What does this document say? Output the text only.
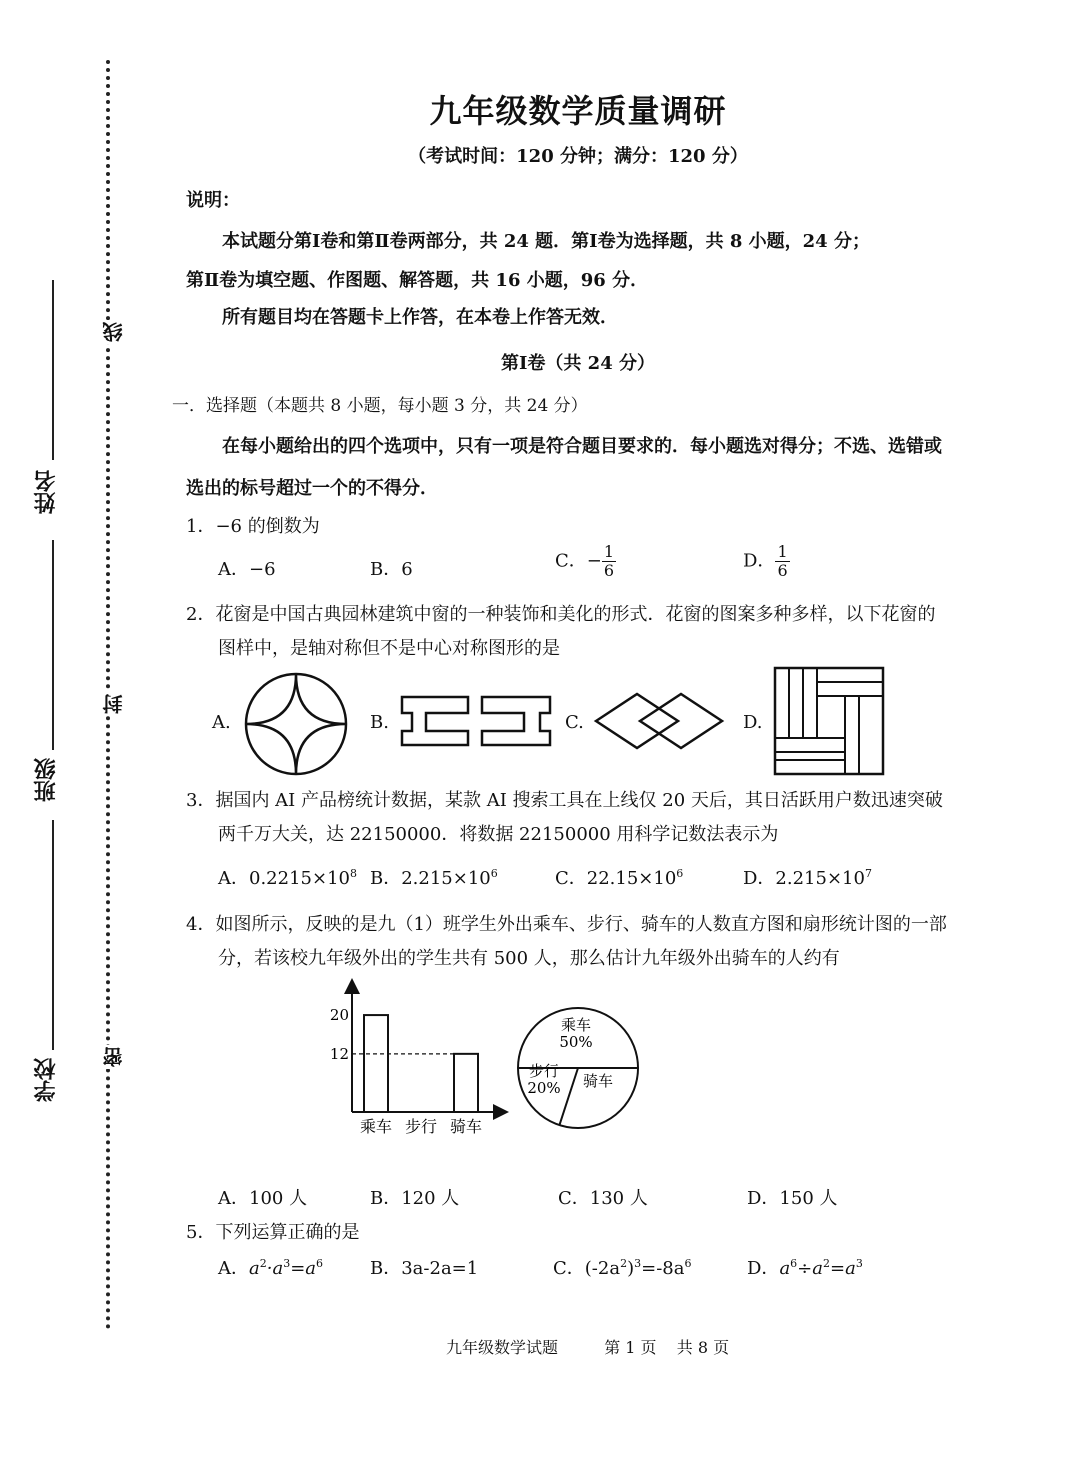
姓名
班级
学校
线
封
密
九年级数学质量调研
（考试时间：120 分钟；满分：120 分）
说明：
本试题分第Ⅰ卷和第Ⅱ卷两部分，共 24 题．第Ⅰ卷为选择题，共 8 小题，24 分；
第Ⅱ卷为填空题、作图题、解答题，共 16 小题，96 分．
所有题目均在答题卡上作答，在本卷上作答无效．
第Ⅰ卷（共 24 分）
一．选择题（本题共 8 小题，每小题 3 分，共 24 分）
在每小题给出的四个选项中，只有一项是符合题目要求的．每小题选对得分；不选、选错或
选出的标号超过一个的不得分．
1．−6 的倒数为
A．−6	B．6	C．− $\frac{1}{6}$	D． $\frac{1}{6}$
2．花窗是中国古典园林建筑中窗的一种装饰和美化的形式．花窗的图案多种多样，以下花窗的
图样中，是轴对称但不是中心对称图形的是
A.	B.	C.	D.
3．据国内 AI 产品榜统计数据，某款 AI 搜索工具在上线仅 20 天后，其日活跃用户数迅速突破
两千万大关，达 22150000．将数据 22150000 用科学记数法表示为
A．$0.2215\times 10^8$ B．$2.215\times 10^6$	C．$22.15\times 10^6$	D．$2.215\times 10^7$
4．如图所示，反映的是九（1）班学生外出乘车、步行、骑车的人数直方图和扇形统计图的一部
分，若该校九年级外出的学生共有 500 人，那么估计九年级外出骑车的人约有
乘车 步行 骑车
12
20
乘车
50%
步行
20% 骑车
A．100 人	B．120 人	C．130 人	D．150 人
5．下列运算正确的是
A．$a^2\cdot a^3=a^6$	B．3a-2a=1	C．$(-2a^2)^3=-8a^6$	D．$a^6\div a^2=a^3$
九年级数学试题	第 1 页 共 8 页
